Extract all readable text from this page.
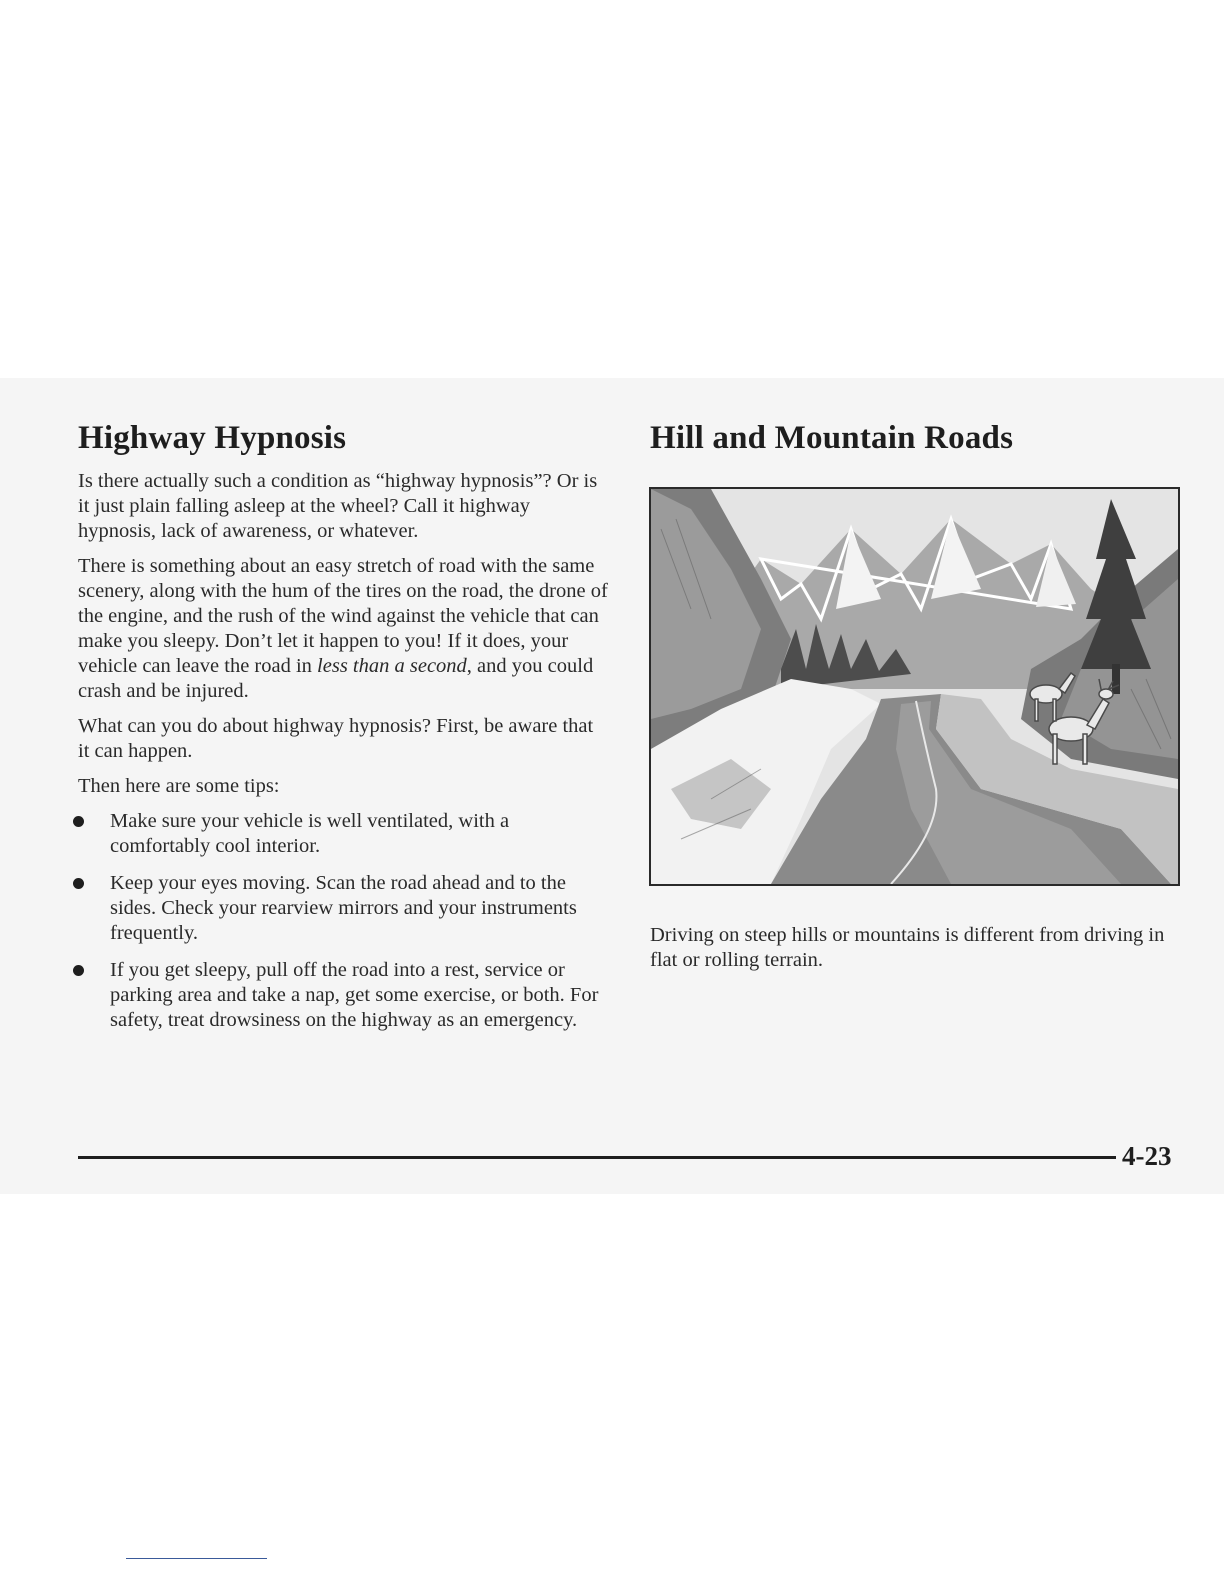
Highway Hypnosis

Is there actually such a condition as “highway hypnosis”? Or is it just plain falling asleep at the wheel? Call it highway hypnosis, lack of awareness, or whatever.

There is something about an easy stretch of road with the same scenery, along with the hum of the tires on the road, the drone of the engine, and the rush of the wind against the vehicle that can make you sleepy. Don’t let it happen to you! If it does, your vehicle can leave the road in less than a second, and you could crash and be injured.

What can you do about highway hypnosis? First, be aware that it can happen.

Then here are some tips:

Make sure your vehicle is well ventilated, with a comfortably cool interior.
Keep your eyes moving. Scan the road ahead and to the sides. Check your rearview mirrors and your instruments frequently.
If you get sleepy, pull off the road into a rest, service or parking area and take a nap, get some exercise, or both. For safety, treat drowsiness on the highway as an emergency.
Hill and Mountain Roads

Driving on steep hills or mountains is different from driving in flat or rolling terrain.

4-23
